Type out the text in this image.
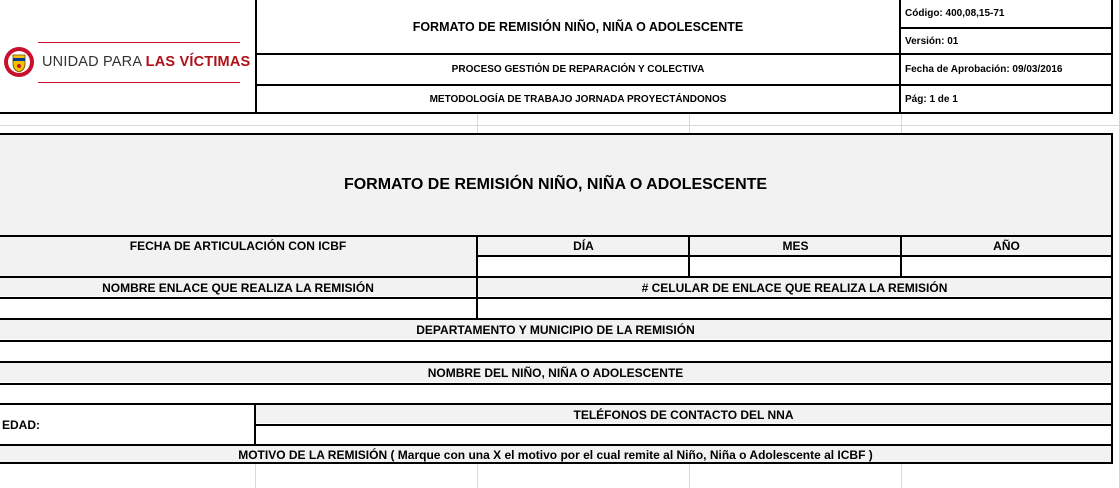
UNIDAD PARA LAS VÍCTIMAS
FORMATO DE REMISIÓN NIÑO, NIÑA O ADOLESCENTE
PROCESO GESTIÓN DE REPARACIÓN Y COLECTIVA
METODOLOGÍA DE TRABAJO JORNADA PROYECTÁNDONOS
Código: 400,08,15-71
Versión: 01
Fecha de Aprobación: 09/03/2016
Pág: 1 de 1
FORMATO DE REMISIÓN NIÑO, NIÑA O ADOLESCENTE
FECHA DE ARTICULACIÓN CON ICBF	DÍA	MES	AÑO
NOMBRE ENLACE QUE REALIZA LA REMISIÓN	# CELULAR DE ENLACE QUE REALIZA LA REMISIÓN
DEPARTAMENTO Y MUNICIPIO DE LA REMISIÓN
NOMBRE DEL NIÑO, NIÑA O ADOLESCENTE
EDAD:
TELÉFONOS DE CONTACTO DEL NNA
MOTIVO DE LA REMISIÓN ( Marque con una X el motivo por el cual remite al Niño, Niña o Adolescente al ICBF )
